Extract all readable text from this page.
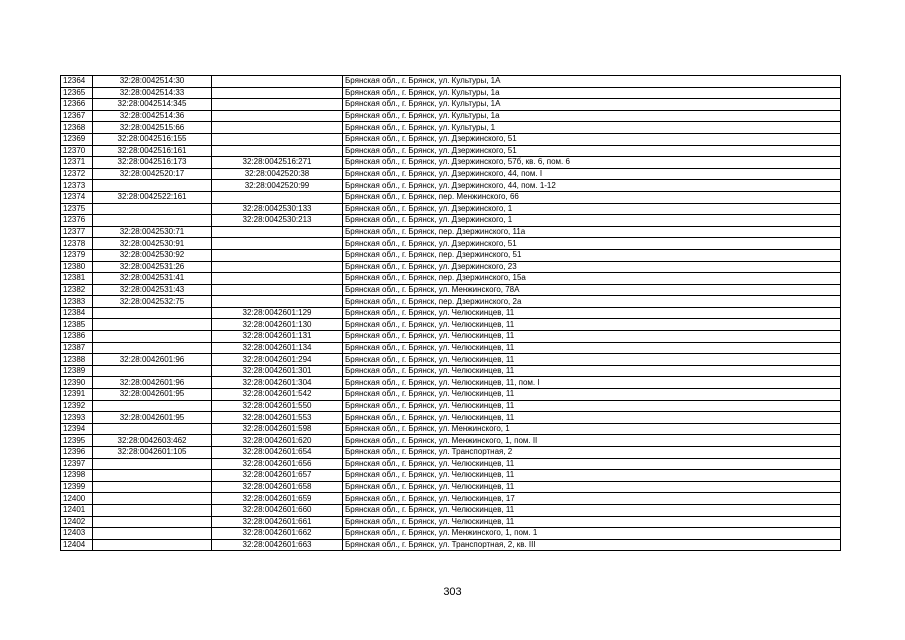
12364	32:28:0042514:30		Брянская обл., г. Брянск, ул. Культуры, 1А
12365	32:28:0042514:33		Брянская обл., г. Брянск, ул. Культуры, 1а
12366	32:28:0042514:345		Брянская обл., г. Брянск, ул. Культуры, 1А
12367	32:28:0042514:36		Брянская обл., г. Брянск, ул. Культуры, 1а
12368	32:28:0042515:66		Брянская обл., г. Брянск, ул. Культуры, 1
12369	32:28:0042516:155		Брянская обл., г. Брянск, ул. Дзержинского, 51
12370	32:28:0042516:161		Брянская обл., г. Брянск, ул. Дзержинского, 51
12371	32:28:0042516:173	32:28:0042516:271	Брянская обл., г. Брянск, ул. Дзержинского, 57б, кв. 6, пом. 6
12372	32:28:0042520:17	32:28:0042520:38	Брянская обл., г. Брянск, ул. Дзержинского, 44, пом. I
12373		32:28:0042520:99	Брянская обл., г. Брянск, ул. Дзержинского, 44, пом. 1-12
12374	32:28:0042522:161		Брянская обл., г. Брянск, пер. Менжинского, 66
12375		32:28:0042530:133	Брянская обл., г. Брянск, ул. Дзержинского, 1
12376		32:28:0042530:213	Брянская обл., г. Брянск, ул. Дзержинского, 1
12377	32:28:0042530:71		Брянская обл., г. Брянск, пер. Дзержинского, 11а
12378	32:28:0042530:91		Брянская обл., г. Брянск, ул. Дзержинского, 51
12379	32:28:0042530:92		Брянская обл., г. Брянск, пер. Дзержинского, 51
12380	32:28:0042531:26		Брянская обл., г. Брянск, ул. Дзержинского, 23
12381	32:28:0042531:41		Брянская обл., г. Брянск, пер. Дзержинского, 15а
12382	32:28:0042531:43		Брянская обл., г. Брянск, ул. Менжинского, 78А
12383	32:28:0042532:75		Брянская обл., г. Брянск, пер. Дзержинского, 2а
12384		32:28:0042601:129	Брянская обл., г. Брянск, ул. Челюскинцев, 11
12385		32:28:0042601:130	Брянская обл., г. Брянск, ул. Челюскинцев, 11
12386		32:28:0042601:131	Брянская обл., г. Брянск, ул. Челюскинцев, 11
12387		32:28:0042601:134	Брянская обл., г. Брянск, ул. Челюскинцев, 11
12388	32:28:0042601:96	32:28:0042601:294	Брянская обл., г. Брянск, ул. Челюскинцев, 11
12389		32:28:0042601:301	Брянская обл., г. Брянск, ул. Челюскинцев, 11
12390	32:28:0042601:96	32:28:0042601:304	Брянская обл., г. Брянск, ул. Челюскинцев, 11, пом. I
12391	32:28:0042601:95	32:28:0042601:542	Брянская обл., г. Брянск, ул. Челюскинцев, 11
12392		32:28:0042601:550	Брянская обл., г. Брянск, ул. Челюскинцев, 11
12393	32:28:0042601:95	32:28:0042601:553	Брянская обл., г. Брянск, ул. Челюскинцев, 11
12394		32:28:0042601:598	Брянская обл., г. Брянск, ул. Менжинского, 1
12395	32:28:0042603:462	32:28:0042601:620	Брянская обл., г. Брянск, ул. Менжинского, 1, пом. II
12396	32:28:0042601:105	32:28:0042601:654	Брянская обл., г. Брянск, ул. Транспортная, 2
12397		32:28:0042601:656	Брянская обл., г. Брянск, ул. Челюскинцев, 11
12398		32:28:0042601:657	Брянская обл., г. Брянск, ул. Челюскинцев, 11
12399		32:28:0042601:658	Брянская обл., г. Брянск, ул. Челюскинцев, 11
12400		32:28:0042601:659	Брянская обл., г. Брянск, ул. Челюскинцев, 17
12401		32:28:0042601:660	Брянская обл., г. Брянск, ул. Челюскинцев, 11
12402		32:28:0042601:661	Брянская обл., г. Брянск, ул. Челюскинцев, 11
12403		32:28:0042601:662	Брянская обл., г. Брянск, ул. Менжинского, 1, пом. 1
12404		32:28:0042601:663	Брянская обл., г. Брянск, ул. Транспортная, 2, кв. III
303
